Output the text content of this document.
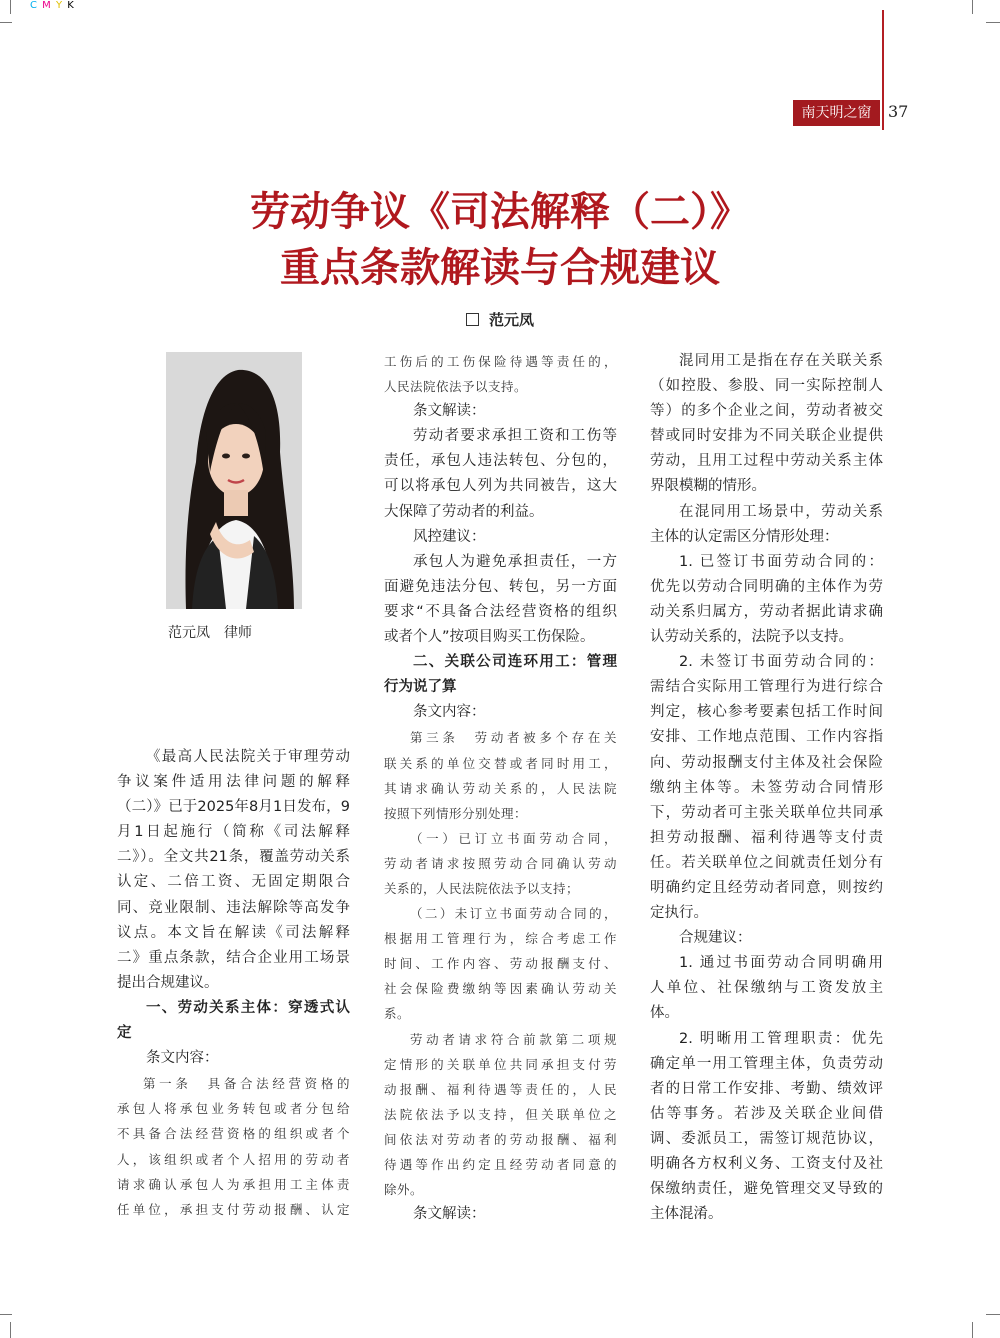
C M Y K
南天明之窗	37
劳动争议《司法解释（二）》
重点条款解读与合规建议
范元凤
范元凤　律师

《最高人民法院关于审理劳动

争议案件适用法律问题的解释

（二）》已于2025年8月1日发布，9

月1日起施行（简称《司法解释

二》）。全文共21条，覆盖劳动关系

认定、二倍工资、无固定期限合

同、竞业限制、违法解除等高发争

议点。本文旨在解读《司法解释

二》重点条款，结合企业用工场景

提出合规建议。

一、劳动关系主体：穿透式认

定

条文内容：

第一条　具备合法经营资格的

承包人将承包业务转包或者分包给

不具备合法经营资格的组织或者个

人，该组织或者个人招用的劳动者

请求确认承包人为承担用工主体责

任单位，承担支付劳动报酬、认定

工伤后的工伤保险待遇等责任的，

人民法院依法予以支持。

条文解读：

劳动者要求承担工资和工伤等

责任，承包人违法转包、分包的，

可以将承包人列为共同被告，这大

大保障了劳动者的利益。

风控建议：

承包人为避免承担责任，一方

面避免违法分包、转包，另一方面

要求“不具备合法经营资格的组织

或者个人”按项目购买工伤保险。

二、关联公司连环用工：管理

行为说了算

条文内容：

第三条　劳动者被多个存在关

联关系的单位交替或者同时用工，

其请求确认劳动关系的，人民法院

按照下列情形分别处理：

（一）已订立书面劳动合同，

劳动者请求按照劳动合同确认劳动

关系的，人民法院依法予以支持；

（二）未订立书面劳动合同的，

根据用工管理行为，综合考虑工作

时间、工作内容、劳动报酬支付、

社会保险费缴纳等因素确认劳动关

系。

劳动者请求符合前款第二项规

定情形的关联单位共同承担支付劳

动报酬、福利待遇等责任的，人民

法院依法予以支持，但关联单位之

间依法对劳动者的劳动报酬、福利

待遇等作出约定且经劳动者同意的

除外。

条文解读：

混同用工是指在存在关联关系

（如控股、参股、同一实际控制人

等）的多个企业之间，劳动者被交

替或同时安排为不同关联企业提供

劳动，且用工过程中劳动关系主体

界限模糊的情形。

在混同用工场景中，劳动关系

主体的认定需区分情形处理：

1. 已签订书面劳动合同的：

优先以劳动合同明确的主体作为劳

动关系归属方，劳动者据此请求确

认劳动关系的，法院予以支持。

2. 未签订书面劳动合同的：

需结合实际用工管理行为进行综合

判定，核心参考要素包括工作时间

安排、工作地点范围、工作内容指

向、劳动报酬支付主体及社会保险

缴纳主体等。未签劳动合同情形

下，劳动者可主张关联单位共同承

担劳动报酬、福利待遇等支付责

任。若关联单位之间就责任划分有

明确约定且经劳动者同意，则按约

定执行。

合规建议：

1. 通过书面劳动合同明确用

人单位、社保缴纳与工资发放主

体。

2. 明晰用工管理职责：优先

确定单一用工管理主体，负责劳动

者的日常工作安排、考勤、绩效评

估等事务。若涉及关联企业间借

调、委派员工，需签订规范协议，

明确各方权利义务、工资支付及社

保缴纳责任，避免管理交叉导致的

主体混淆。
